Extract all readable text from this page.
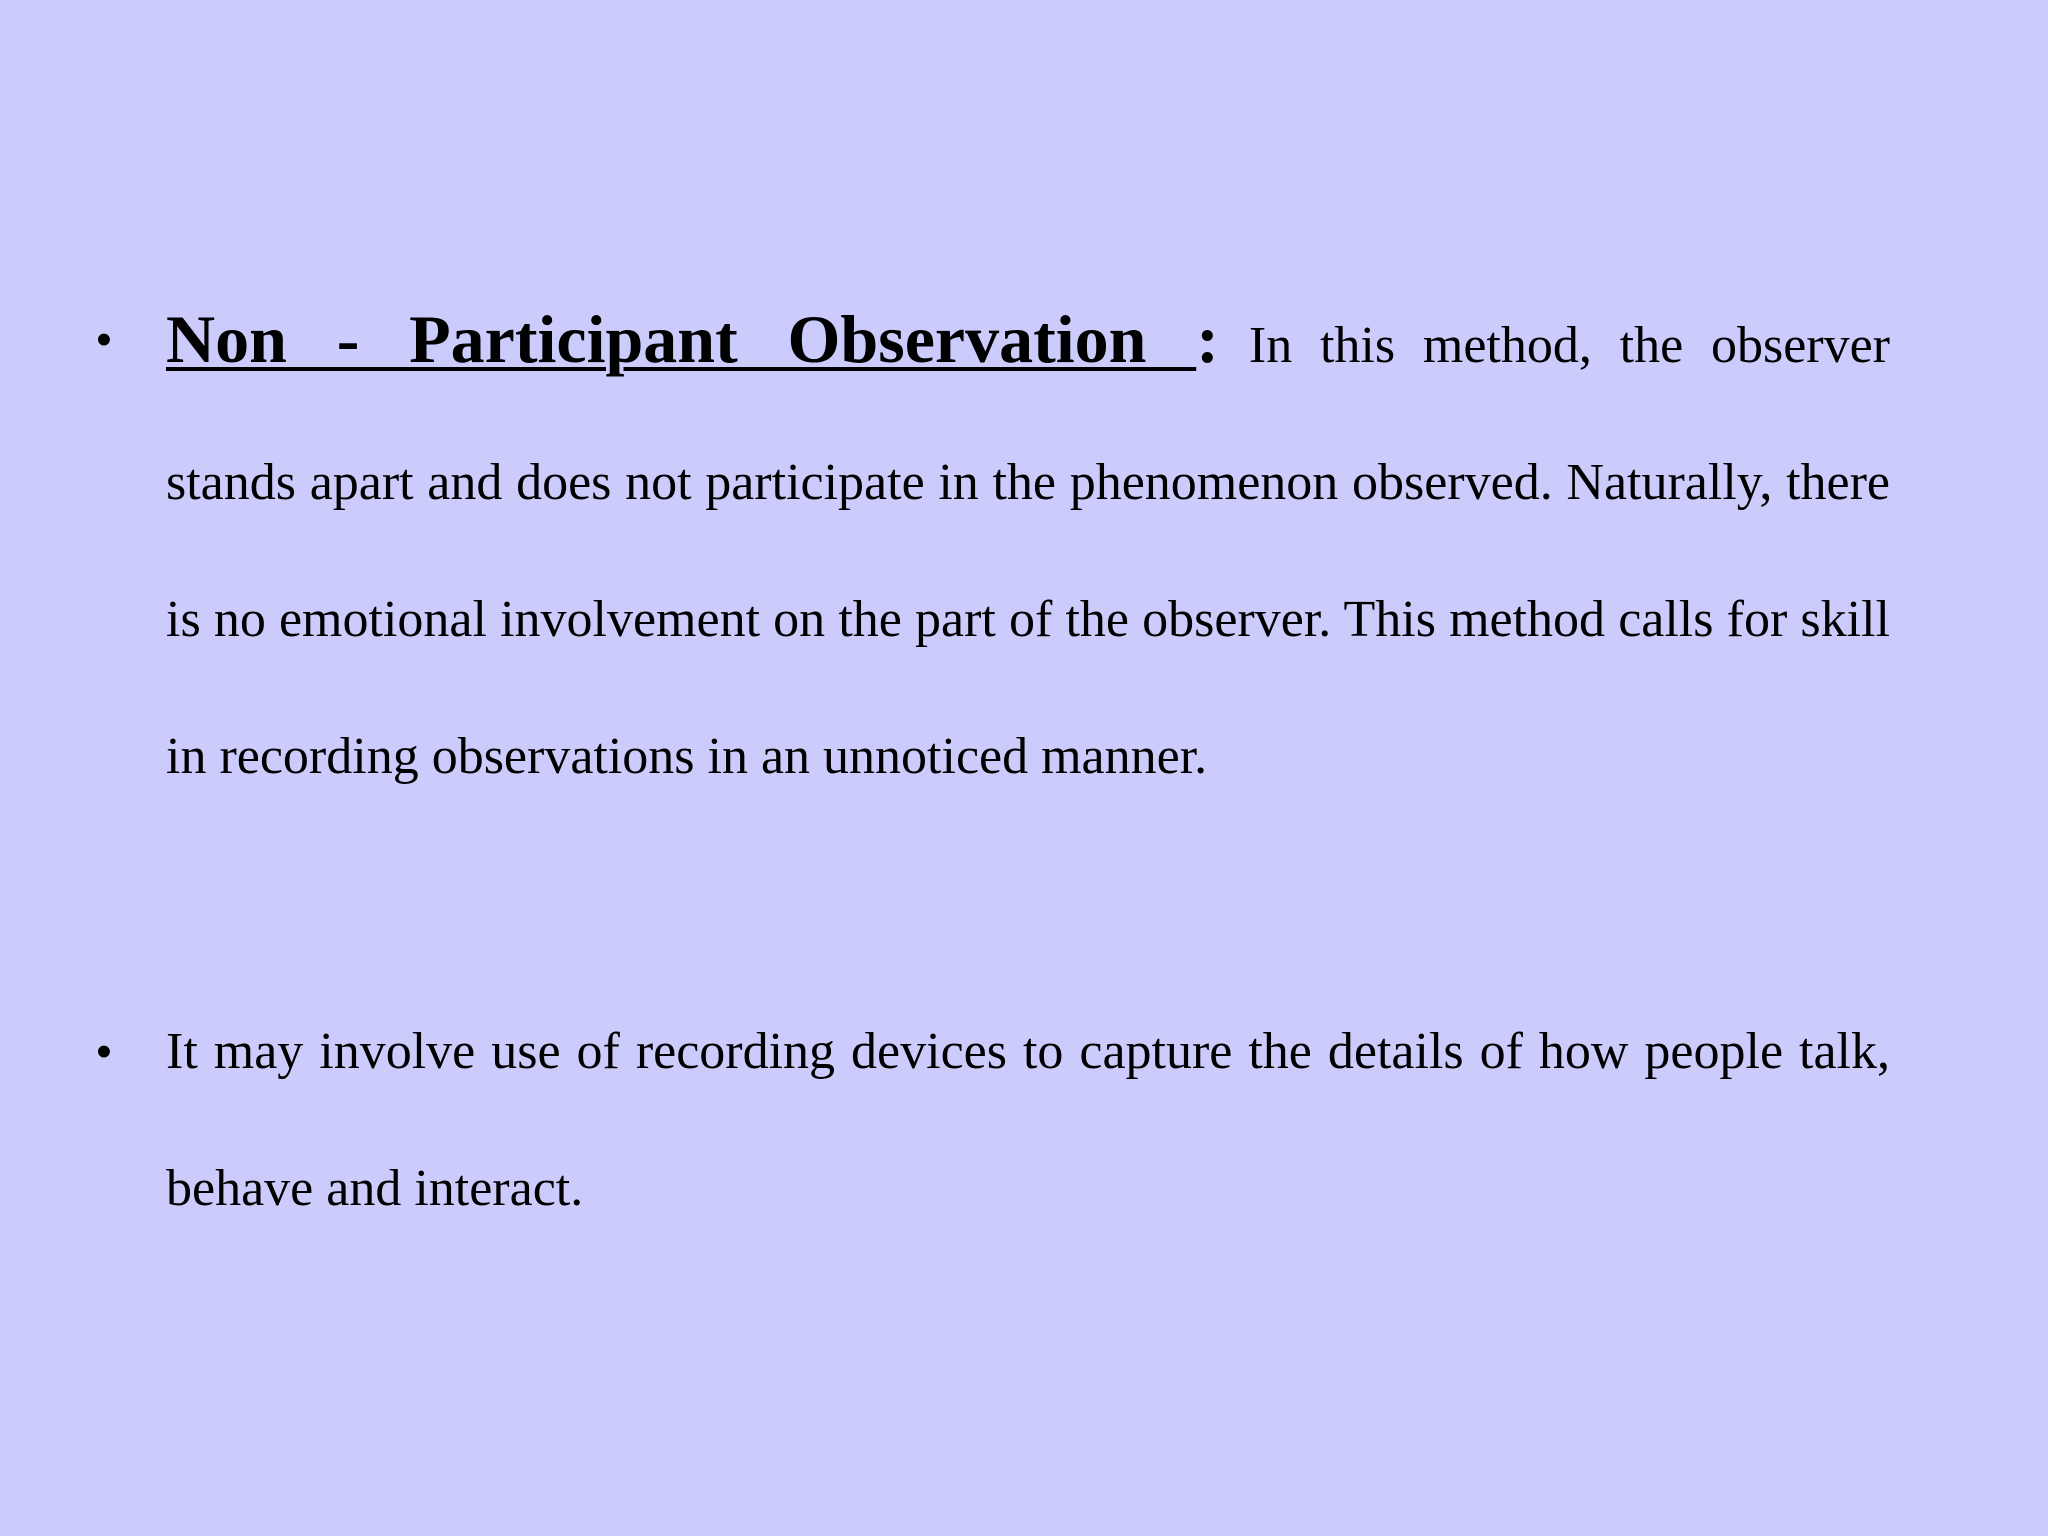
• Non - Participant Observation : In this method, the observer stands apart and does not participate in the phenomenon observed. Naturally, there is no emotional involvement on the part of the observer. This method calls for skill in recording observations in an unnoticed manner.
• It may involve use of recording devices to capture the details of how people talk, behave and interact.
